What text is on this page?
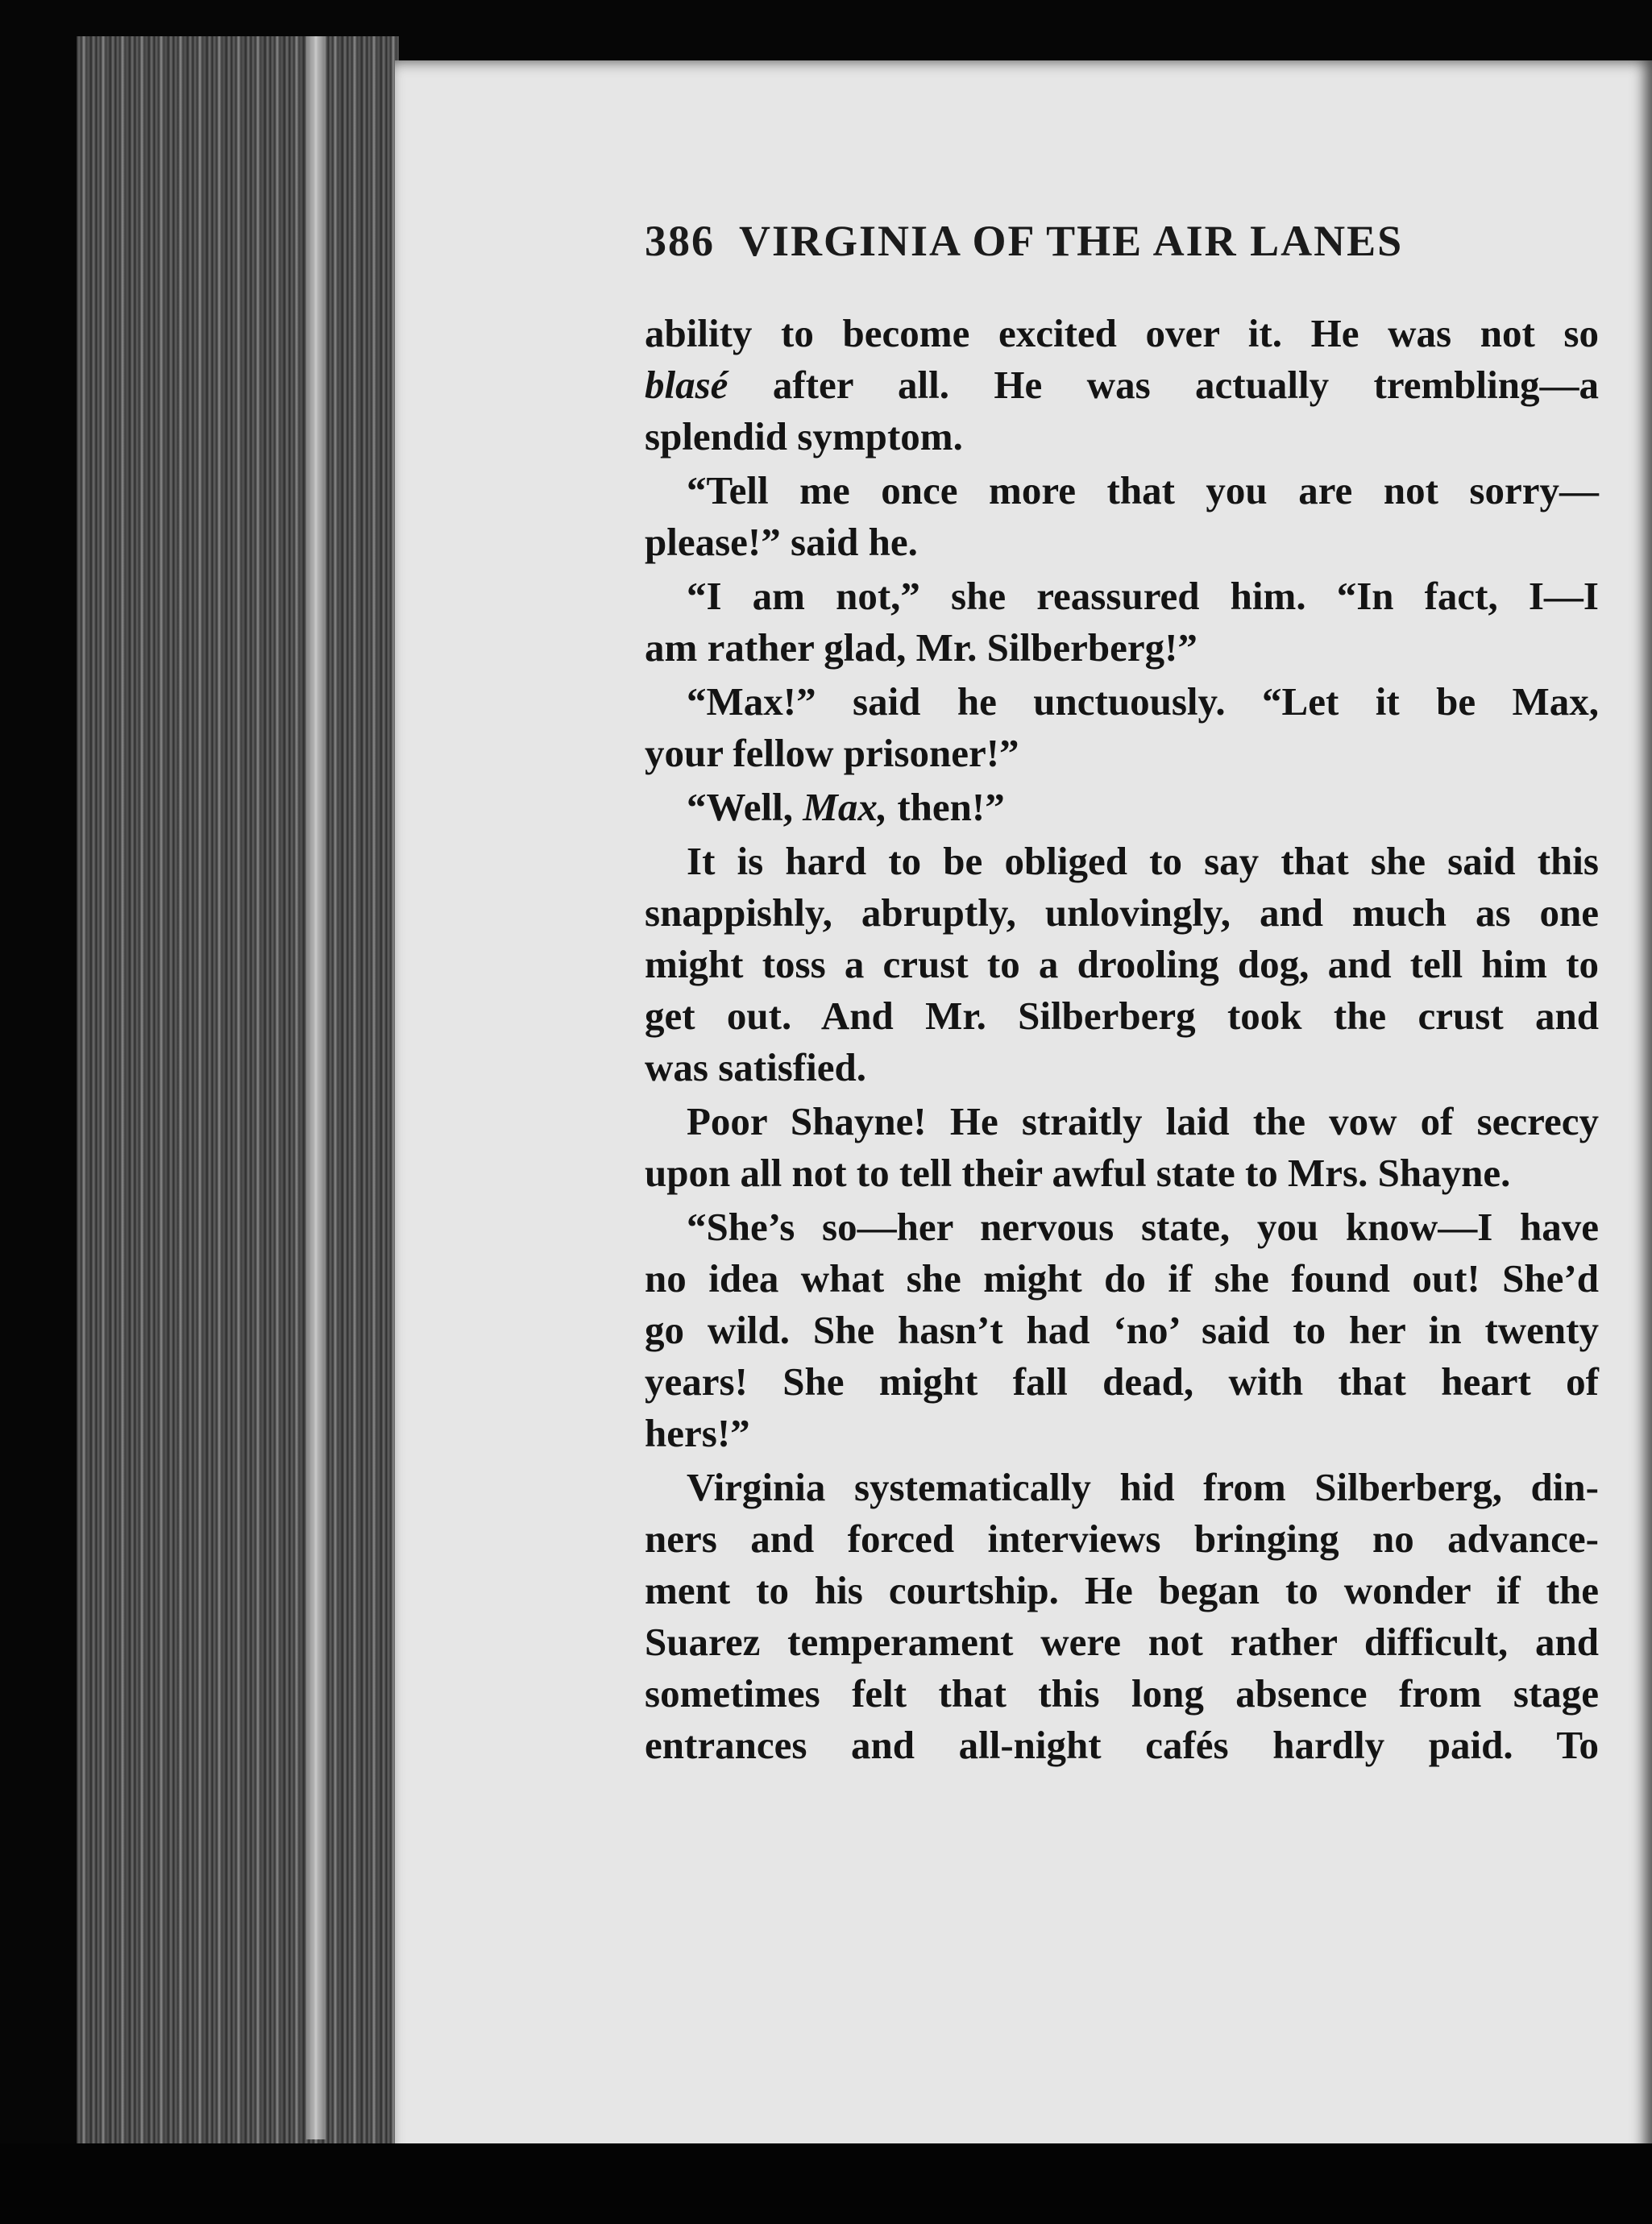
386 VIRGINIA OF THE AIR LANES
ability to become excited over it. He was not so
blasé after all. He was actually trembling—a
splendid symptom.
“Tell me once more that you are not sorry—
please!” said he.
“I am not,” she reassured him. “In fact, I—I
am rather glad, Mr. Silberberg!”
“Max!” said he unctuously. “Let it be Max,
your fellow prisoner!”
“Well, Max, then!”
It is hard to be obliged to say that she said this
snappishly, abruptly, unlovingly, and much as one
might toss a crust to a drooling dog, and tell him to
get out. And Mr. Silberberg took the crust and
was satisfied.
Poor Shayne! He straitly laid the vow of secrecy
upon all not to tell their awful state to Mrs. Shayne.
“She’s so—her nervous state, you know—I have
no idea what she might do if she found out! She’d
go wild. She hasn’t had ‘no’ said to her in twenty
years! She might fall dead, with that heart of
hers!”
Virginia systematically hid from Silberberg, din-
ners and forced interviews bringing no advance-
ment to his courtship. He began to wonder if the
Suarez temperament were not rather difficult, and
sometimes felt that this long absence from stage
entrances and all-night cafés hardly paid. To
